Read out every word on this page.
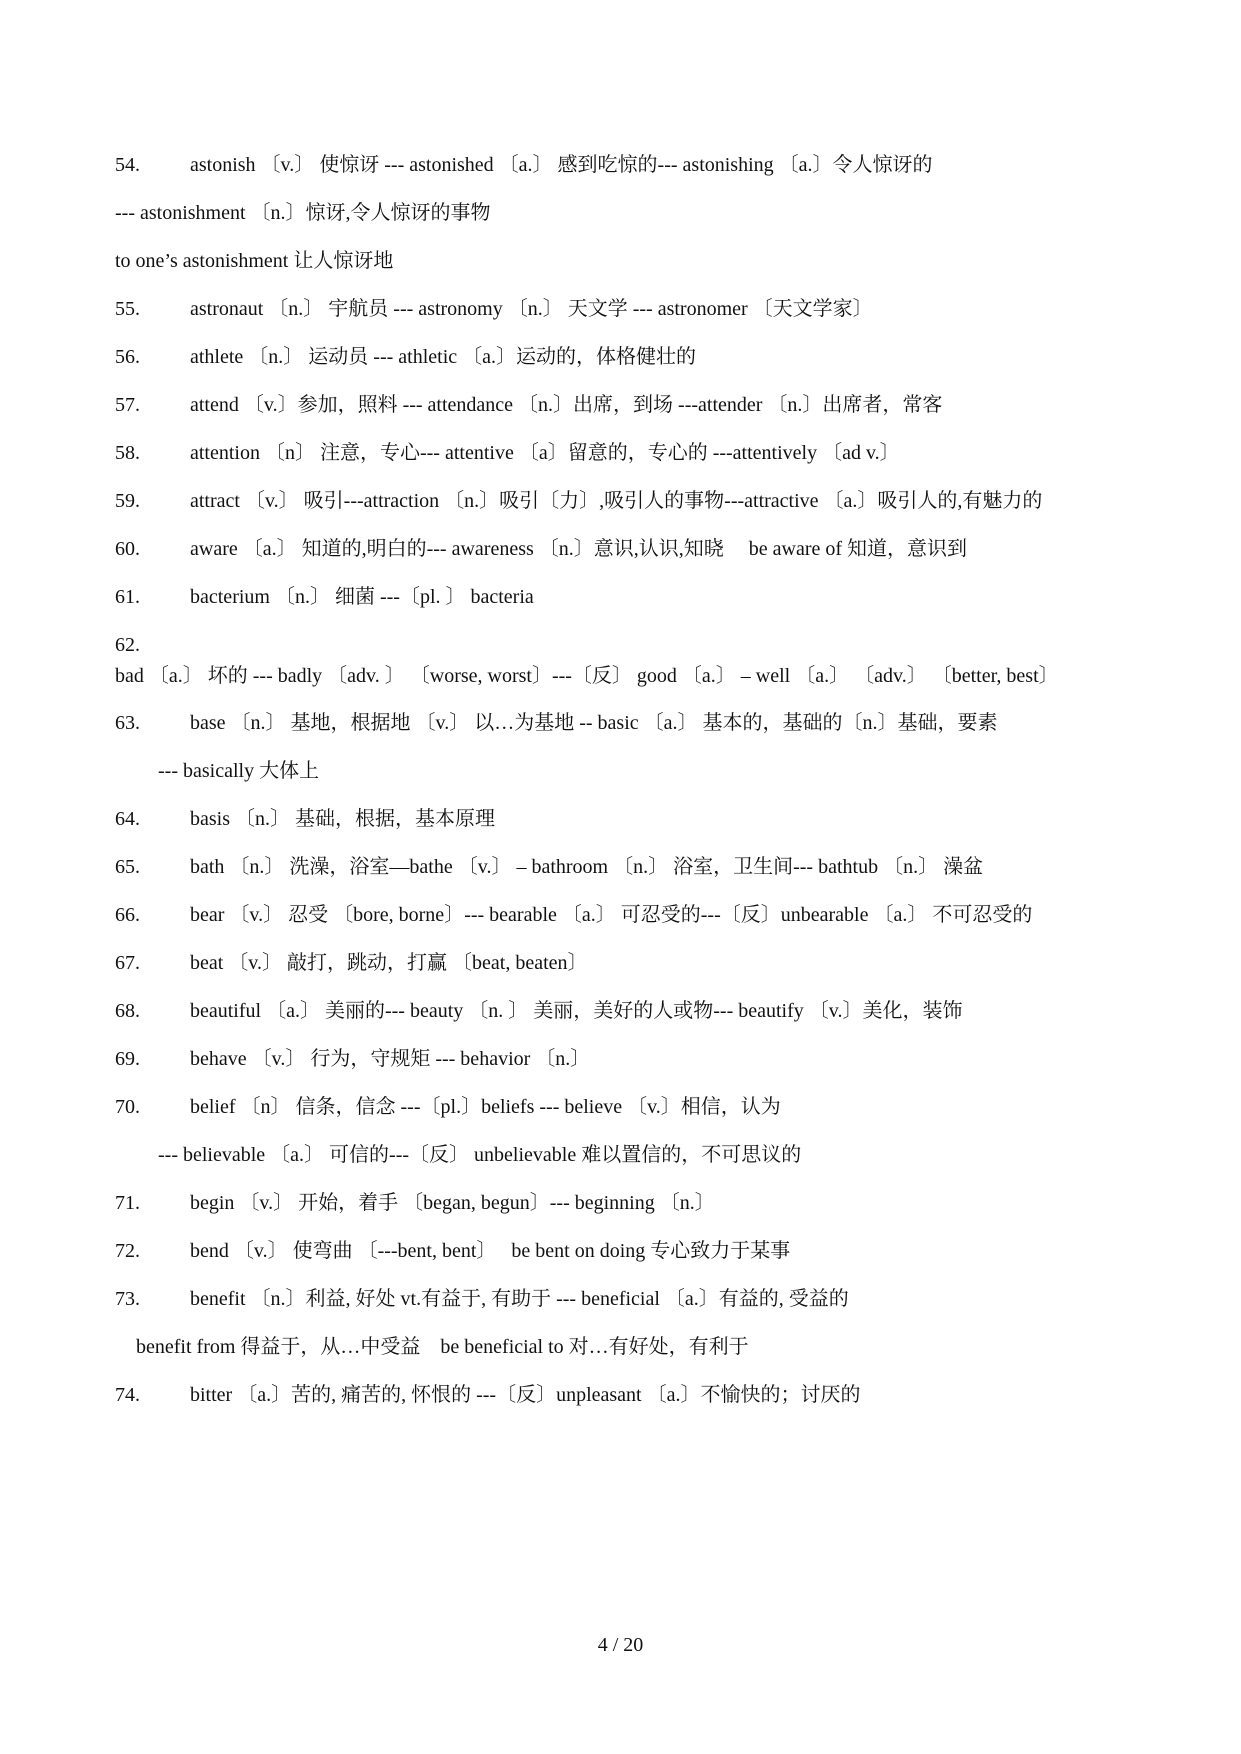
54.	astonish 〔v.〕 使惊讶 --- astonished 〔a.〕 感到吃惊的--- astonishing 〔a.〕令人惊讶的
--- astonishment 〔n.〕惊讶,令人惊讶的事物
to one’s astonishment 让人惊讶地
55.	astronaut 〔n.〕 宇航员 --- astronomy 〔n.〕 天文学 --- astronomer 〔天文学家〕
56.	athlete 〔n.〕 运动员 --- athletic 〔a.〕运动的，体格健壮的
57.	attend 〔v.〕参加，照料 --- attendance 〔n.〕出席，到场 ---attender 〔n.〕出席者，常客
58.	attention 〔n〕 注意，专心--- attentive 〔a〕留意的，专心的 ---attentively 〔ad v.〕
59.	attract 〔v.〕 吸引---attraction 〔n.〕吸引〔力〕,吸引人的事物---attractive 〔a.〕吸引人的,有魅力的
60.	aware 〔a.〕 知道的,明白的--- awareness 〔n.〕意识,认识,知晓　 be aware of 知道，意识到
61.	bacterium 〔n.〕 细菌 ---〔pl. 〕 bacteria
62.bad 〔a.〕 坏的 --- badly 〔adv. 〕 〔worse, worst〕---〔反〕 good 〔a.〕 – well 〔a.〕 〔adv.〕 〔better, best〕
63.	base 〔n.〕 基地，根据地 〔v.〕 以…为基地 -- basic 〔a.〕 基本的，基础的〔n.〕基础，要素
--- basically 大体上
64.	basis 〔n.〕 基础，根据，基本原理
65.	bath 〔n.〕 洗澡，浴室—bathe 〔v.〕 – bathroom 〔n.〕 浴室，卫生间--- bathtub 〔n.〕 澡盆
66.	bear 〔v.〕 忍受 〔bore, borne〕--- bearable 〔a.〕 可忍受的---〔反〕unbearable 〔a.〕 不可忍受的
67.	beat 〔v.〕 敲打，跳动，打赢 〔beat, beaten〕
68.	beautiful 〔a.〕 美丽的--- beauty 〔n. 〕 美丽，美好的人或物--- beautify 〔v.〕美化，装饰
69.	behave 〔v.〕 行为，守规矩 --- behavior 〔n.〕
70.	belief 〔n〕 信条，信念 ---〔pl.〕beliefs --- believe 〔v.〕相信，认为
--- believable 〔a.〕 可信的---〔反〕 unbelievable 难以置信的，不可思议的
71.	begin 〔v.〕 开始，着手 〔began, begun〕--- beginning 〔n.〕
72.	bend 〔v.〕 使弯曲 〔---bent, bent〕　 be bent on doing 专心致力于某事
73.	benefit 〔n.〕利益, 好处 vt.有益于, 有助于 --- beneficial 〔a.〕有益的, 受益的
benefit from 得益于，从…中受益　be beneficial to 对…有好处，有利于
74.	bitter 〔a.〕苦的, 痛苦的, 怀恨的 ---〔反〕unpleasant 〔a.〕不愉快的；讨厌的
4 / 20
